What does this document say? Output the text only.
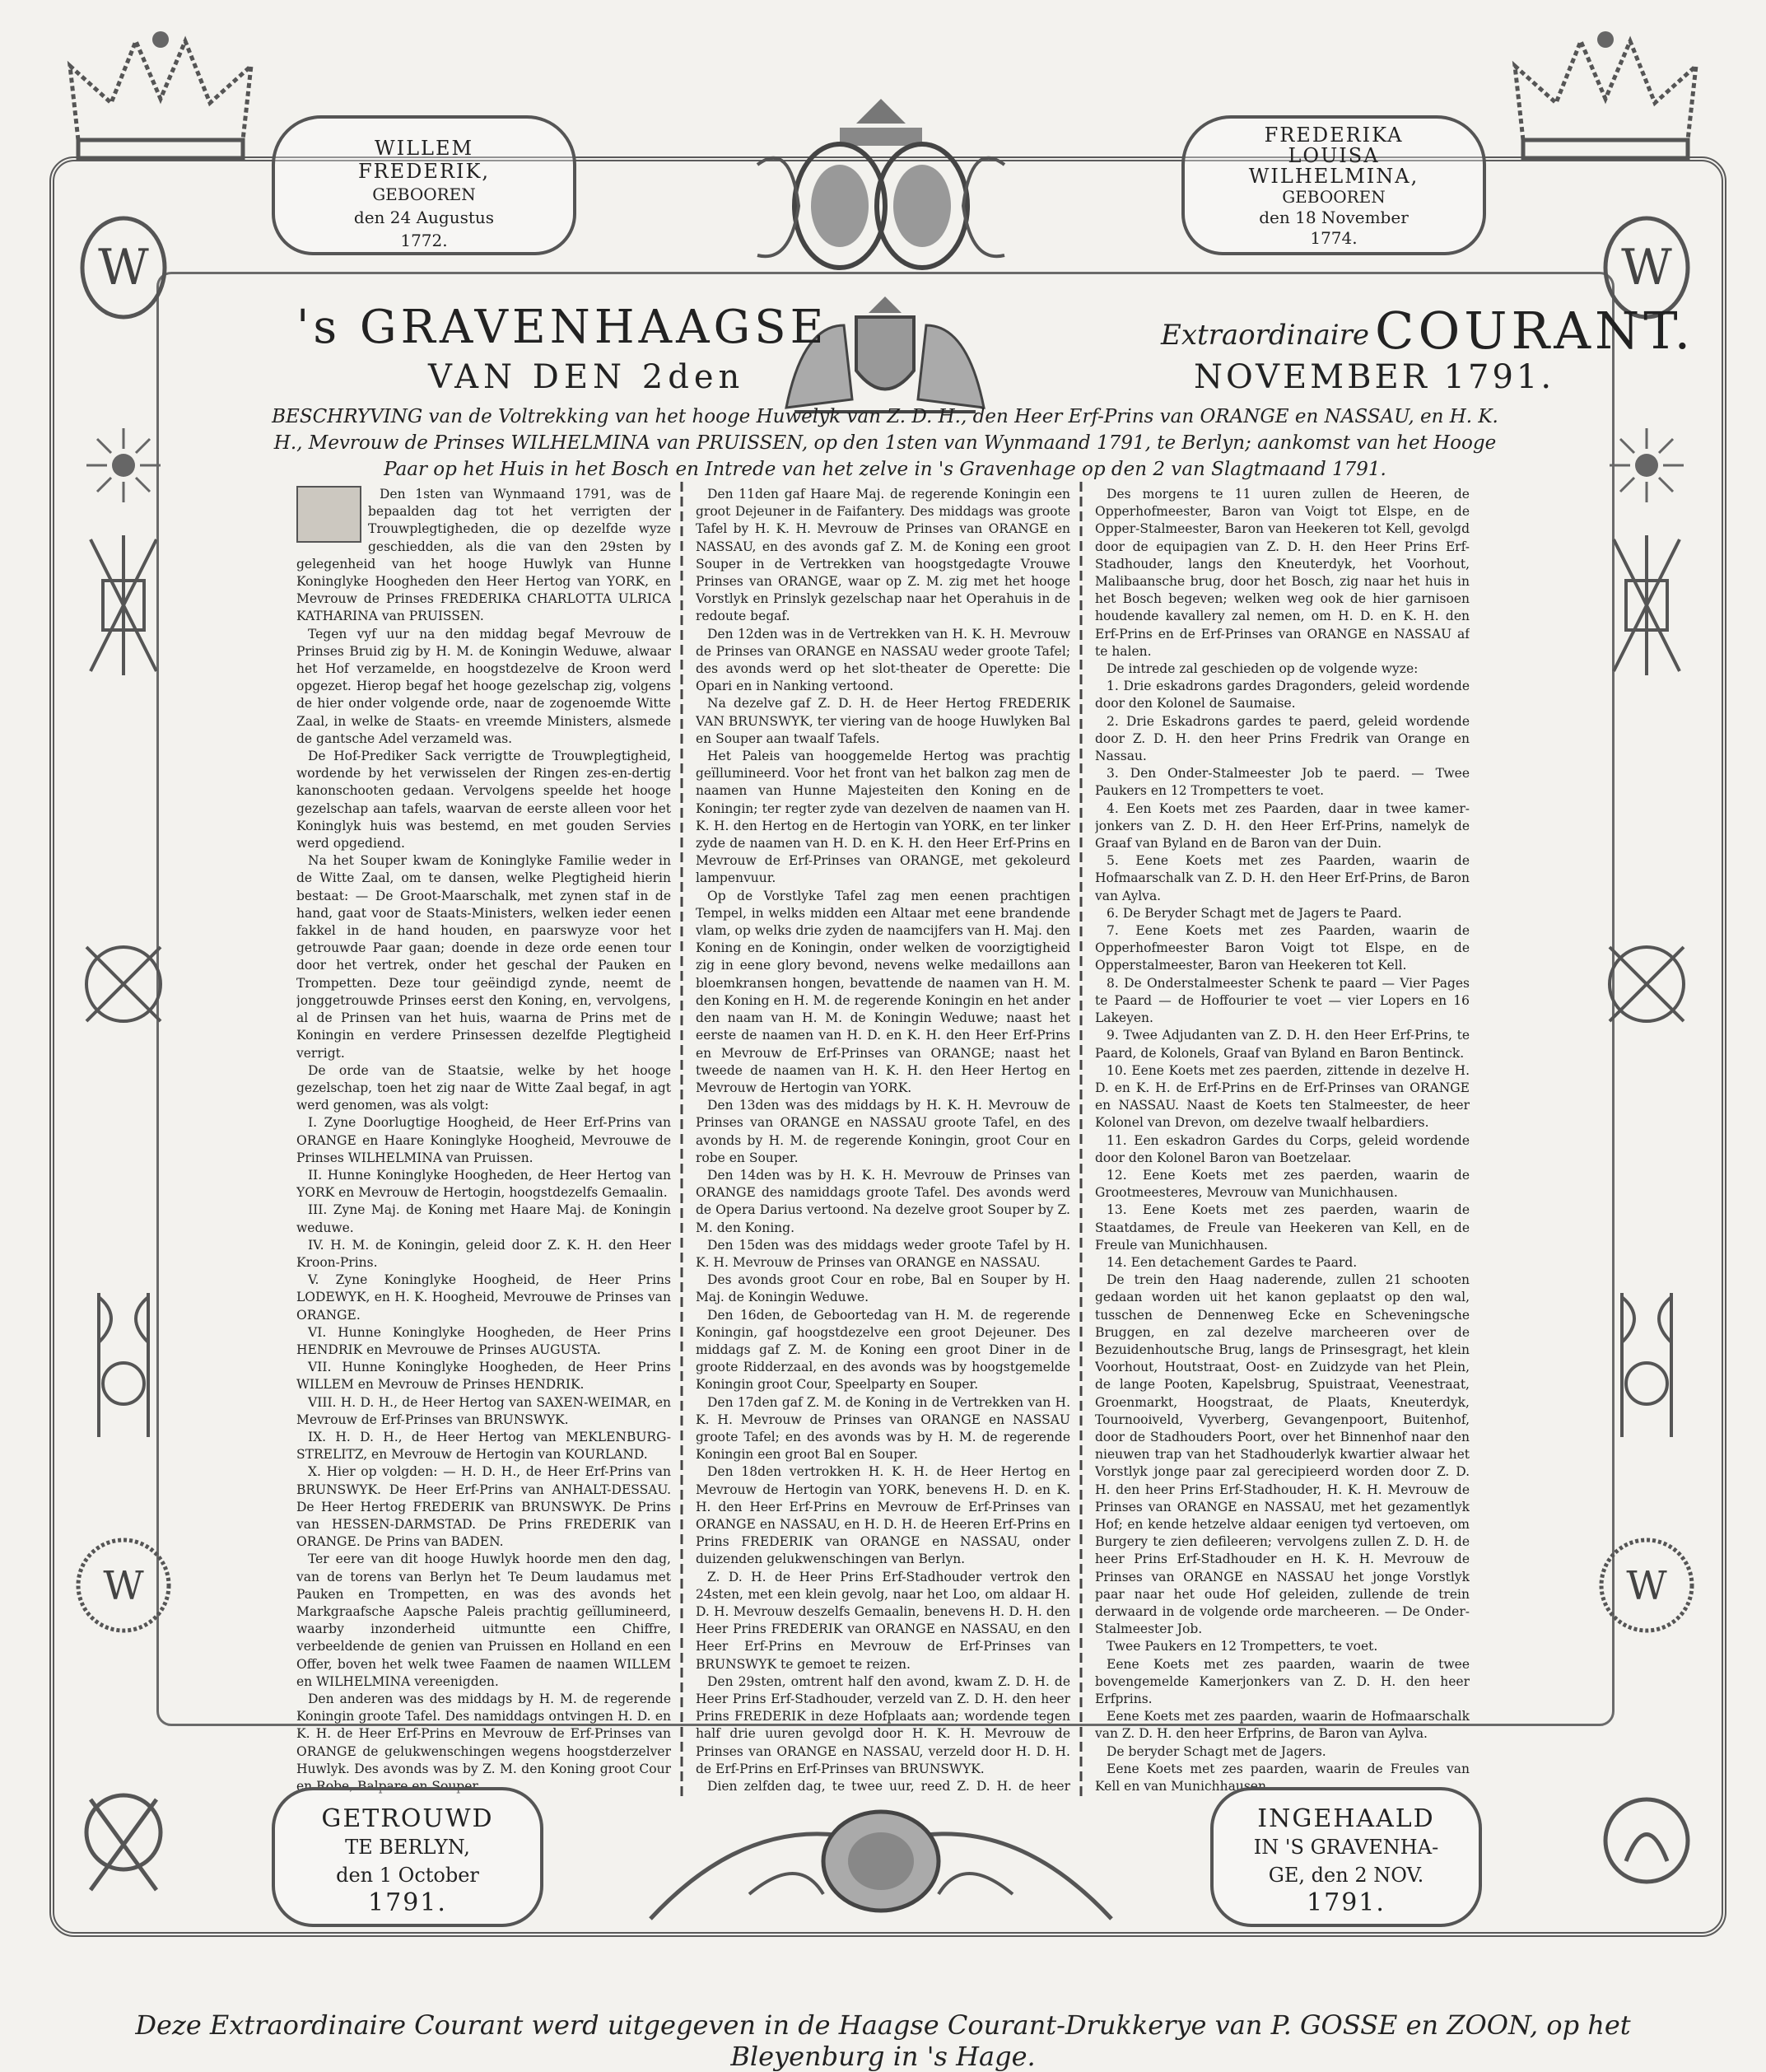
W	W
W	W
WILLEM
FREDERIK,
GEBOOREN
den 24 Augustus
1772.
FREDERIKA
LOUISA
WILHELMINA,
GEBOOREN
den 18 November
1774.
's GRAVENHAAGSE	Extraordinaire COURANT.
VAN DEN 2den	NOVEMBER 1791.
BESCHRYVING van de Voltrekking van het hooge Huwelyk van Z. D. H., den Heer Erf-Prins van ORANGE en NASSAU, en H. K. H., Mevrouw de Prinses WILHELMINA van PRUISSEN, op den 1sten van Wynmaand 1791, te Berlyn; aankomst van het Hooge Paar op het Huis in het Bosch en Intrede van het zelve in 's Gravenhage op den 2 van Slagtmaand 1791.

Den 1sten van Wynmaand 1791, was de bepaalden dag tot het verrigten der Trouwplegtigheden, die op dezelfde wyze geschiedden, als die van den 29sten by gelegenheid van het hooge Huwlyk van Hunne Koninglyke Hoogheden den Heer Hertog van YORK, en Mevrouw de Prinses FREDERIKA CHARLOTTA ULRICA KATHARINA van PRUISSEN.

Tegen vyf uur na den middag begaf Mevrouw de Prinses Bruid zig by H. M. de Koningin Weduwe, alwaar het Hof verzamelde, en hoogstdezelve de Kroon werd opgezet. Hierop begaf het hooge gezelschap zig, volgens de hier onder volgende orde, naar de zogenoemde Witte Zaal, in welke de Staats- en vreemde Ministers, alsmede de gantsche Adel verzameld was.

De Hof-Prediker Sack verrigtte de Trouwplegtigheid, wordende by het verwisselen der Ringen zes-en-dertig kanonschooten gedaan. Vervolgens speelde het hooge gezelschap aan tafels, waarvan de eerste alleen voor het Koninglyk huis was bestemd, en met gouden Servies werd opgediend.

Na het Souper kwam de Koninglyke Familie weder in de Witte Zaal, om te dansen, welke Plegtigheid hierin bestaat: — De Groot-Maarschalk, met zynen staf in de hand, gaat voor de Staats-Ministers, welken ieder eenen fakkel in de hand houden, en paarswyze voor het getrouwde Paar gaan; doende in deze orde eenen tour door het vertrek, onder het geschal der Pauken en Trompetten. Deze tour geëindigd zynde, neemt de jonggetrouwde Prinses eerst den Koning, en, vervolgens, al de Prinsen van het huis, waarna de Prins met de Koningin en verdere Prinsessen dezelfde Plegtigheid verrigt.

De orde van de Staatsie, welke by het hooge gezelschap, toen het zig naar de Witte Zaal begaf, in agt werd genomen, was als volgt:

I. Zyne Doorlugtige Hoogheid, de Heer Erf-Prins van ORANGE en Haare Koninglyke Hoogheid, Mevrouwe de Prinses WILHELMINA van Pruissen.

II. Hunne Koninglyke Hoogheden, de Heer Hertog van YORK en Mevrouw de Hertogin, hoogstdezelfs Gemaalin.

III. Zyne Maj. de Koning met Haare Maj. de Koningin weduwe.

IV. H. M. de Koningin, geleid door Z. K. H. den Heer Kroon-Prins.

V. Zyne Koninglyke Hoogheid, de Heer Prins LODEWYK, en H. K. Hoogheid, Mevrouwe de Prinses van ORANGE.

VI. Hunne Koninglyke Hoogheden, de Heer Prins HENDRIK en Mevrouwe de Prinses AUGUSTA.

VII. Hunne Koninglyke Hoogheden, de Heer Prins WILLEM en Mevrouw de Prinses HENDRIK.

VIII. H. D. H., de Heer Hertog van SAXEN-WEIMAR, en Mevrouw de Erf-Prinses van BRUNSWYK.

IX. H. D. H., de Heer Hertog van MEKLENBURG-STRELITZ, en Mevrouw de Hertogin van KOURLAND.

X. Hier op volgden: — H. D. H., de Heer Erf-Prins van BRUNSWYK. De Heer Erf-Prins van ANHALT-DESSAU. De Heer Hertog FREDERIK van BRUNSWYK. De Prins van HESSEN-DARMSTAD. De Prins FREDERIK van ORANGE. De Prins van BADEN.

Ter eere van dit hooge Huwlyk hoorde men den dag, van de torens van Berlyn het Te Deum laudamus met Pauken en Trompetten, en was des avonds het Markgraafsche Aapsche Paleis prachtig geïllumineerd, waarby inzonderheid uitmuntte een Chiffre, verbeeldende de genien van Pruissen en Holland en een Offer, boven het welk twee Faamen de naamen WILLEM en WILHELMINA vereenigden.

Den anderen was des middags by H. M. de regerende Koningin groote Tafel. Des namiddags ontvingen H. D. en K. H. de Heer Erf-Prins en Mevrouw de Erf-Prinses van ORANGE de gelukwenschingen wegens hoogstderzelver Huwlyk. Des avonds was by Z. M. den Koning groot Cour en Robe, Balpare en Souper.

Den 11den gaf Haare Maj. de regerende Koningin een groot Dejeuner in de Faifantery. Des middags was groote Tafel by H. K. H. Mevrouw de Prinses van ORANGE en NASSAU, en des avonds gaf Z. M. de Koning een groot Souper in de Vertrekken van hoogstgedagte Vrouwe Prinses van ORANGE, waar op Z. M. zig met het hooge Vorstlyk en Prinslyk gezelschap naar het Operahuis in de redoute begaf.

Den 12den was in de Vertrekken van H. K. H. Mevrouw de Prinses van ORANGE en NASSAU weder groote Tafel; des avonds werd op het slot-theater de Operette: Die Opari en in Nanking vertoond.

Na dezelve gaf Z. D. H. de Heer Hertog FREDERIK VAN BRUNSWYK, ter viering van de hooge Huwlyken Bal en Souper aan twaalf Tafels.

Het Paleis van hooggemelde Hertog was prachtig geïllumineerd. Voor het front van het balkon zag men de naamen van Hunne Majesteiten den Koning en de Koningin; ter regter zyde van dezelven de naamen van H. K. H. den Hertog en de Hertogin van YORK, en ter linker zyde de naamen van H. D. en K. H. den Heer Erf-Prins en Mevrouw de Erf-Prinses van ORANGE, met gekoleurd lampenvuur.

Op de Vorstlyke Tafel zag men eenen prachtigen Tempel, in welks midden een Altaar met eene brandende vlam, op welks drie zyden de naamcijfers van H. Maj. den Koning en de Koningin, onder welken de voorzigtigheid zig in eene glory bevond, nevens welke medaillons aan bloemkransen hongen, bevattende de naamen van H. M. den Koning en H. M. de regerende Koningin en het ander den naam van H. M. de Koningin Weduwe; naast het eerste de naamen van H. D. en K. H. den Heer Erf-Prins en Mevrouw de Erf-Prinses van ORANGE; naast het tweede de naamen van H. K. H. den Heer Hertog en Mevrouw de Hertogin van YORK.

Den 13den was des middags by H. K. H. Mevrouw de Prinses van ORANGE en NASSAU groote Tafel, en des avonds by H. M. de regerende Koningin, groot Cour en robe en Souper.

Den 14den was by H. K. H. Mevrouw de Prinses van ORANGE des namiddags groote Tafel. Des avonds werd de Opera Darius vertoond. Na dezelve groot Souper by Z. M. den Koning.

Den 15den was des middags weder groote Tafel by H. K. H. Mevrouw de Prinses van ORANGE en NASSAU.

Des avonds groot Cour en robe, Bal en Souper by H. Maj. de Koningin Weduwe.

Den 16den, de Geboortedag van H. M. de regerende Koningin, gaf hoogstdezelve een groot Dejeuner. Des middags gaf Z. M. de Koning een groot Diner in de groote Ridderzaal, en des avonds was by hoogstgemelde Koningin groot Cour, Speelparty en Souper.

Den 17den gaf Z. M. de Koning in de Vertrekken van H. K. H. Mevrouw de Prinses van ORANGE en NASSAU groote Tafel; en des avonds was by H. M. de regerende Koningin een groot Bal en Souper.

Den 18den vertrokken H. K. H. de Heer Hertog en Mevrouw de Hertogin van YORK, benevens H. D. en K. H. den Heer Erf-Prins en Mevrouw de Erf-Prinses van ORANGE en NASSAU, en H. D. H. de Heeren Erf-Prins en Prins FREDERIK van ORANGE en NASSAU, onder duizenden gelukwenschingen van Berlyn.

Z. D. H. de Heer Prins Erf-Stadhouder vertrok den 24sten, met een klein gevolg, naar het Loo, om aldaar H. D. H. Mevrouw deszelfs Gemaalin, benevens H. D. H. den Heer Prins FREDERIK van ORANGE en NASSAU, en den Heer Erf-Prins en Mevrouw de Erf-Prinses van BRUNSWYK te gemoet te reizen.

Den 29sten, omtrent half den avond, kwam Z. D. H. de Heer Prins Erf-Stadhouder, verzeld van Z. D. H. den heer Prins FREDERIK in deze Hofplaats aan; wordende tegen half drie uuren gevolgd door H. K. H. Mevrouw de Prinses van ORANGE en NASSAU, verzeld door H. D. H. de Erf-Prins en Erf-Prinses van BRUNSWYK.

Dien zelfden dag, te twee uur, reed Z. D. H. de heer

Des morgens te 11 uuren zullen de Heeren, de Opperhofmeester, Baron van Voigt tot Elspe, en de Opper-Stalmeester, Baron van Heekeren tot Kell, gevolgd door de equipagien van Z. D. H. den Heer Prins Erf-Stadhouder, langs den Kneuterdyk, het Voorhout, Malibaansche brug, door het Bosch, zig naar het huis in het Bosch begeven; welken weg ook de hier garnisoen houdende kavallery zal nemen, om H. D. en K. H. den Erf-Prins en de Erf-Prinses van ORANGE en NASSAU af te halen.

De intrede zal geschieden op de volgende wyze:

1. Drie eskadrons gardes Dragonders, geleid wordende door den Kolonel de Saumaise.

2. Drie Eskadrons gardes te paerd, geleid wordende door Z. D. H. den heer Prins Fredrik van Orange en Nassau.

3. Den Onder-Stalmeester Job te paerd. — Twee Paukers en 12 Trompetters te voet.

4. Een Koets met zes Paarden, daar in twee kamer-jonkers van Z. D. H. den Heer Erf-Prins, namelyk de Graaf van Byland en de Baron van der Duin.

5. Eene Koets met zes Paarden, waarin de Hofmaarschalk van Z. D. H. den Heer Erf-Prins, de Baron van Aylva.

6. De Beryder Schagt met de Jagers te Paard.

7. Eene Koets met zes Paarden, waarin de Opperhofmeester Baron Voigt tot Elspe, en de Opperstalmeester, Baron van Heekeren tot Kell.

8. De Onderstalmeester Schenk te paard — Vier Pages te Paard — de Hoffourier te voet — vier Lopers en 16 Lakeyen.

9. Twee Adjudanten van Z. D. H. den Heer Erf-Prins, te Paard, de Kolonels, Graaf van Byland en Baron Bentinck.

10. Eene Koets met zes paerden, zittende in dezelve H. D. en K. H. de Erf-Prins en de Erf-Prinses van ORANGE en NASSAU. Naast de Koets ten Stalmeester, de heer Kolonel van Drevon, om dezelve twaalf helbardiers.

11. Een eskadron Gardes du Corps, geleid wordende door den Kolonel Baron van Boetzelaar.

12. Eene Koets met zes paerden, waarin de Grootmeesteres, Mevrouw van Munichhausen.

13. Eene Koets met zes paerden, waarin de Staatdames, de Freule van Heekeren van Kell, en de Freule van Munichhausen.

14. Een detachement Gardes te Paard.

De trein den Haag naderende, zullen 21 schooten gedaan worden uit het kanon geplaatst op den wal, tusschen de Dennenweg Ecke en Scheveningsche Bruggen, en zal dezelve marcheeren over de Bezuidenhoutsche Brug, langs de Prinsesgragt, het klein Voorhout, Houtstraat, Oost- en Zuidzyde van het Plein, de lange Pooten, Kapelsbrug, Spuistraat, Veenestraat, Groenmarkt, Hoogstraat, de Plaats, Kneuterdyk, Tournooiveld, Vyverberg, Gevangenpoort, Buitenhof, door de Stadhouders Poort, over het Binnenhof naar den nieuwen trap van het Stadhouderlyk kwartier alwaar het Vorstlyk jonge paar zal gerecipieerd worden door Z. D. H. den heer Prins Erf-Stadhouder, H. K. H. Mevrouw de Prinses van ORANGE en NASSAU, met het gezamentlyk Hof; en kende hetzelve aldaar eenigen tyd vertoeven, om Burgery te zien defileeren; vervolgens zullen Z. D. H. de heer Prins Erf-Stadhouder en H. K. H. Mevrouw de Prinses van ORANGE en NASSAU het jonge Vorstlyk paar naar het oude Hof geleiden, zullende de trein derwaard in de volgende orde marcheeren. — De Onder-Stalmeester Job.

Twee Paukers en 12 Trompetters, te voet.

Eene Koets met zes paarden, waarin de twee bovengemelde Kamerjonkers van Z. D. H. den heer Erfprins.

Eene Koets met zes paarden, waarin de Hofmaarschalk van Z. D. H. den heer Erfprins, de Baron van Aylva.

De beryder Schagt met de Jagers.

Eene Koets met zes paarden, waarin de Freules van Kell en van Munichhausen.

GETROUWD
TE BERLYN,
den 1 October
1791.
INGEHAALD
IN 'S GRAVENHA-
GE, den 2 NOV.
1791.
Deze Extraordinaire Courant werd uitgegeven in de Haagse Courant-Drukkerye van P. GOSSE en ZOON, op het Bleyenburg in 's Hage.
